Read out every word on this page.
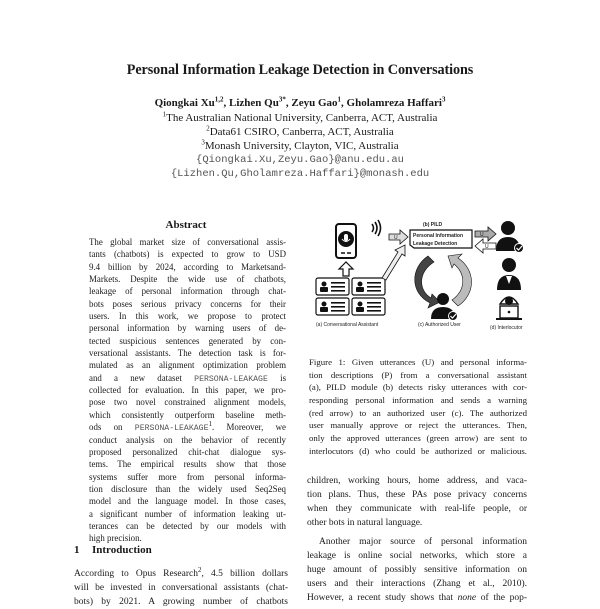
Personal Information Leakage Detection in Conversations
Qiongkai Xu$^{1,2}$, Lizhen $Qu^{3*}$, Zeyu Gao$^1$, Gholamreza Haffari$^3$
$^1$The Australian National University, Canberra, ACT, Australia
$^2$Data61 CSIRO, Canberra, ACT, Australia
$^3$Monash University, Clayton, VIC, Australia
{Qiongkai.Xu,Zeyu.Gao}@anu.edu.au
{Lizhen.Qu,Gholamreza.Haffari}@monash.edu
Abstract
The global market size of conversational assis-
tants (chatbots) is expected to grow to USD
9.4 billion by 2024, according to Marketsand-
Markets. Despite the wide use of chatbots,
leakage of personal information through chat-
bots poses serious privacy concerns for their
users. In this work, we propose to protect
personal information by warning users of de-
tected suspicious sentences generated by con-
versational assistants. The detection task is for-
mulated as an alignment optimization problem
and a new dataset PERSONA-LEAKAGE is
collected for evaluation. In this paper, we pro-
pose two novel constrained alignment models,
which consistently outperform baseline meth-
ods on PERSONA-LEAKAGE$^1$. Moreover, we
conduct analysis on the behavior of recently
proposed personalized chit-chat dialogue sys-
tems. The empirical results show that those
systems suffer more from personal informa-
tion disclosure than the widely used Seq2Seq
model and the language model. In those cases,
a significant number of information leaking ut-
terances can be detected by our models with
high precision.
1 Introduction
According to Opus Research$^2$, 4.5 billion dollars
will be invested in conversational assistants (chat-
bots) by 2021. A growing number of chatbots
(a) Conversational Assistant
U
(b) PILD
Personal Information
Leakage Detection
(c) Authorized User
U
U
(d) Interlocutor
Figure 1: Given utterances (U) and personal informa-
tion descriptions (P) from a conversational assistant
(a), PILD module (b) detects risky utterances with cor-
responding personal information and sends a warning
(red arrow) to an authorized user (c). The authorized
user manually approve or reject the utterances. Then,
only the approved utterances (green arrow) are sent to
interlocutors (d) who could be authorized or malicious.
children, working hours, home address, and vaca-
tion plans. Thus, these PAs pose privacy concerns
when they communicate with real-life people, or
other bots in natural language.
Another major source of personal information
leakage is online social networks, which store a
huge amount of possibly sensitive information on
users and their interactions (Zhang et al., 2010).
However, a recent study shows that none of the pop-
